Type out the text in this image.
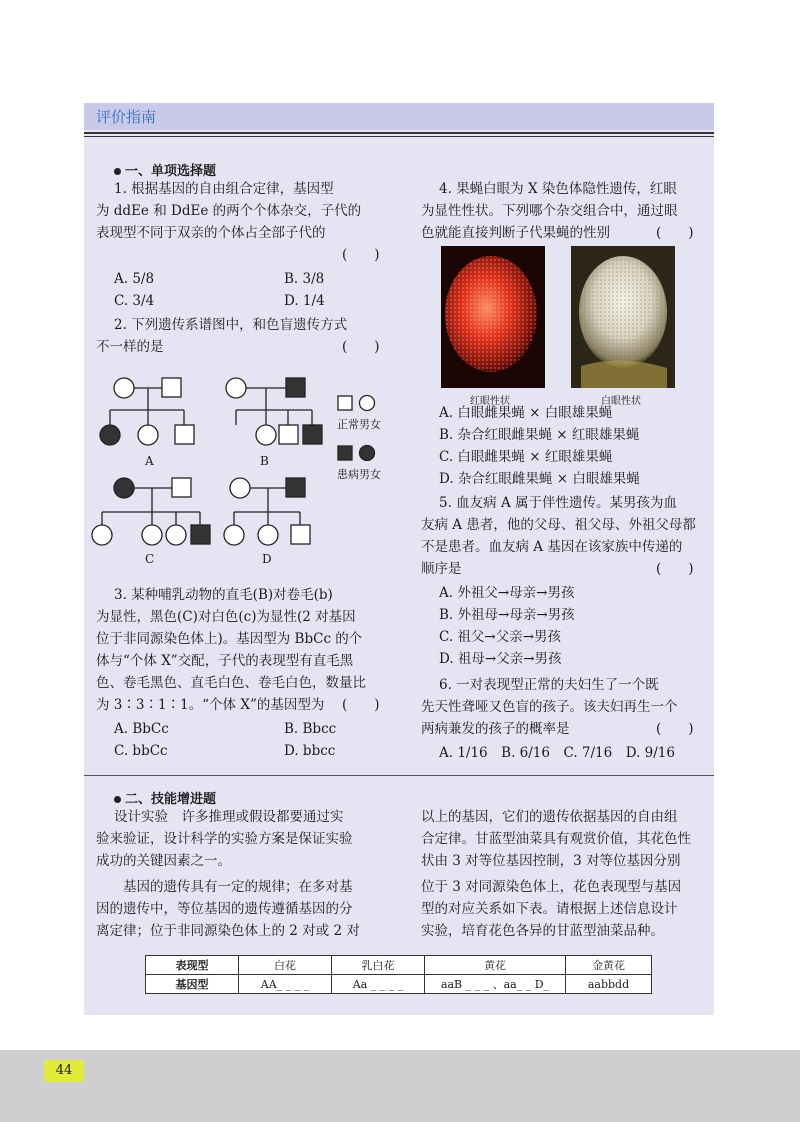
评价指南
一、单项选择题
1. 根据基因的自由组合定律，基因型
为 ddEe 和 DdEe 的两个个体杂交，子代的
表现型不同于双亲的个体占全部子代的
(　　)
A. 5/8	B. 3/8
C. 3/4	D. 1/4
2. 下列遗传系谱图中，和色盲遗传方式
不一样的是	(　　)
A	B
C	D
正常男女
患病男女
3. 某种哺乳动物的直毛(B)对卷毛(b)
为显性，黑色(C)对白色(c)为显性(2 对基因
位于非同源染色体上)。基因型为 BbCc 的个
体与“个体 X”交配，子代的表现型有直毛黑
色、卷毛黑色、直毛白色、卷毛白色，数量比
为 3∶3∶1∶1。“个体 X”的基因型为 (　　)
A. BbCc	B. Bbcc
C. bbCc	D. bbcc
4. 果蝇白眼为 X 染色体隐性遗传，红眼
为显性性状。下列哪个杂交组合中，通过眼
色就能直接判断子代果蝇的性别	(　　)
红眼性状	白眼性状
A. 白眼雌果蝇 × 白眼雄果蝇
B. 杂合红眼雌果蝇 × 红眼雄果蝇
C. 白眼雌果蝇 × 红眼雄果蝇
D. 杂合红眼雌果蝇 × 白眼雄果蝇
5. 血友病 A 属于伴性遗传。某男孩为血
友病 A 患者，他的父母、祖父母、外祖父母都
不是患者。血友病 A 基因在该家族中传递的
顺序是	(　　)
A. 外祖父→母亲→男孩
B. 外祖母→母亲→男孩
C. 祖父→父亲→男孩
D. 祖母→父亲→男孩
6. 一对表现型正常的夫妇生了一个既
先天性聋哑又色盲的孩子。该夫妇再生一个
两病兼发的孩子的概率是	(　　)
A. 1/16　B. 6/16　C. 7/16　D. 9/16
二、技能增进题
设计实验　许多推理或假设都要通过实
验来验证，设计科学的实验方案是保证实验
成功的关键因素之一。
　　基因的遗传具有一定的规律；在多对基
因的遗传中，等位基因的遗传遵循基因的分
离定律；位于非同源染色体上的 2 对或 2 对
以上的基因，它们的遗传依据基因的自由组
合定律。甘蓝型油菜具有观赏价值，其花色性
状由 3 对等位基因控制，3 对等位基因分别
位于 3 对同源染色体上，花色表现型与基因
型的对应关系如下表。请根据上述信息设计
实验，培育花色各异的甘蓝型油菜品种。
表现型	白花	乳白花	黄花	金黄花
基因型	AA_ _ _ _	Aa _ _ _ _	aaB _ _ _ 、aa_ _ D_	aabbdd
44
